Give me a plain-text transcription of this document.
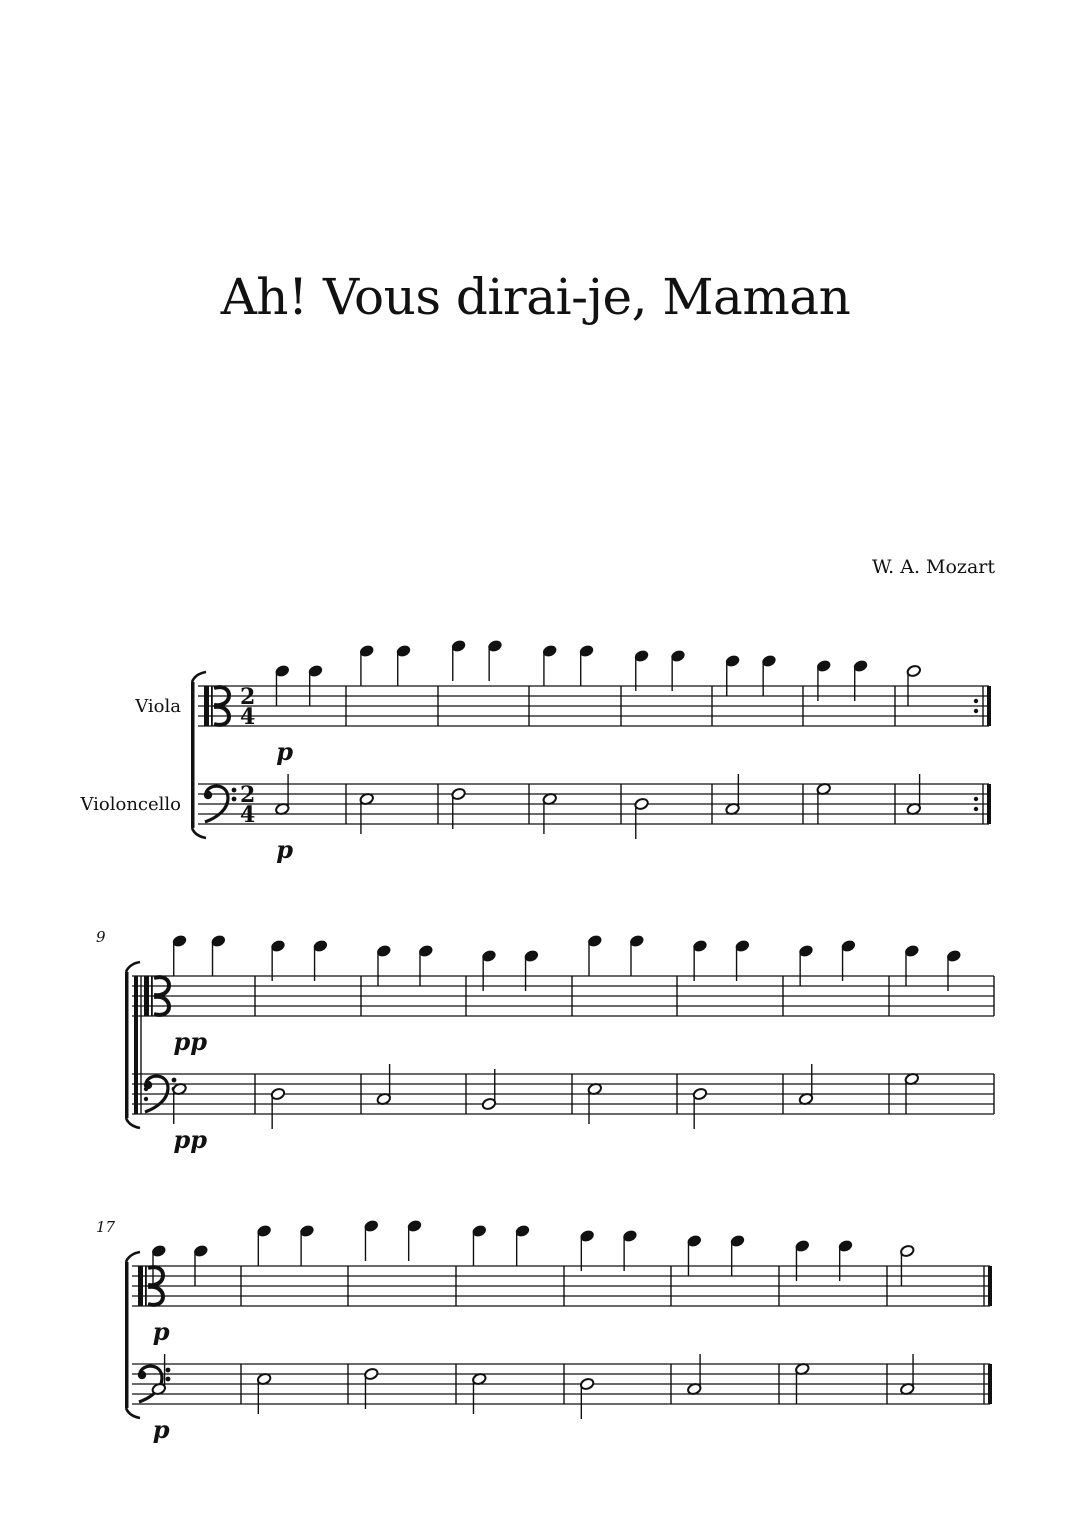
Ah! Vous dirai-je, Maman
W. A. Mozart
Viola
Violoncello
2
4
2
4
p
p
9
pp
pp
17
p
p
